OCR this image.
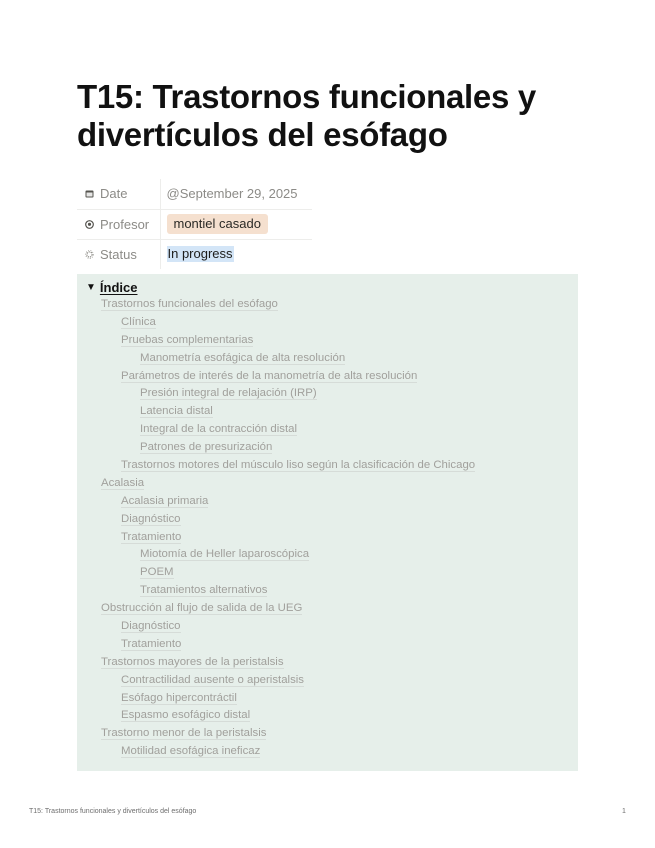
T15: Trastornos funcionales y divertículos del esófago
Date	@September 29, 2025

Profesor	montiel casado

Status	In progress
▼ Índice
Trastornos funcionales del esófago
Clínica
Pruebas complementarias
Manometría esofágica de alta resolución
Parámetros de interés de la manometría de alta resolución
Presión integral de relajación (IRP)
Latencia distal
Integral de la contracción distal
Patrones de presurización
Trastornos motores del músculo liso según la clasificación de Chicago
Acalasia
Acalasia primaria
Diagnóstico
Tratamiento
Miotomía de Heller laparoscópica
POEM
Tratamientos alternativos
Obstrucción al flujo de salida de la UEG
Diagnóstico
Tratamiento
Trastornos mayores de la peristalsis
Contractilidad ausente o aperistalsis
Esófago hipercontráctil
Espasmo esofágico distal
Trastorno menor de la peristalsis
Motilidad esofágica ineficaz
T15: Trastornos funcionales y divertículos del esófago	1
